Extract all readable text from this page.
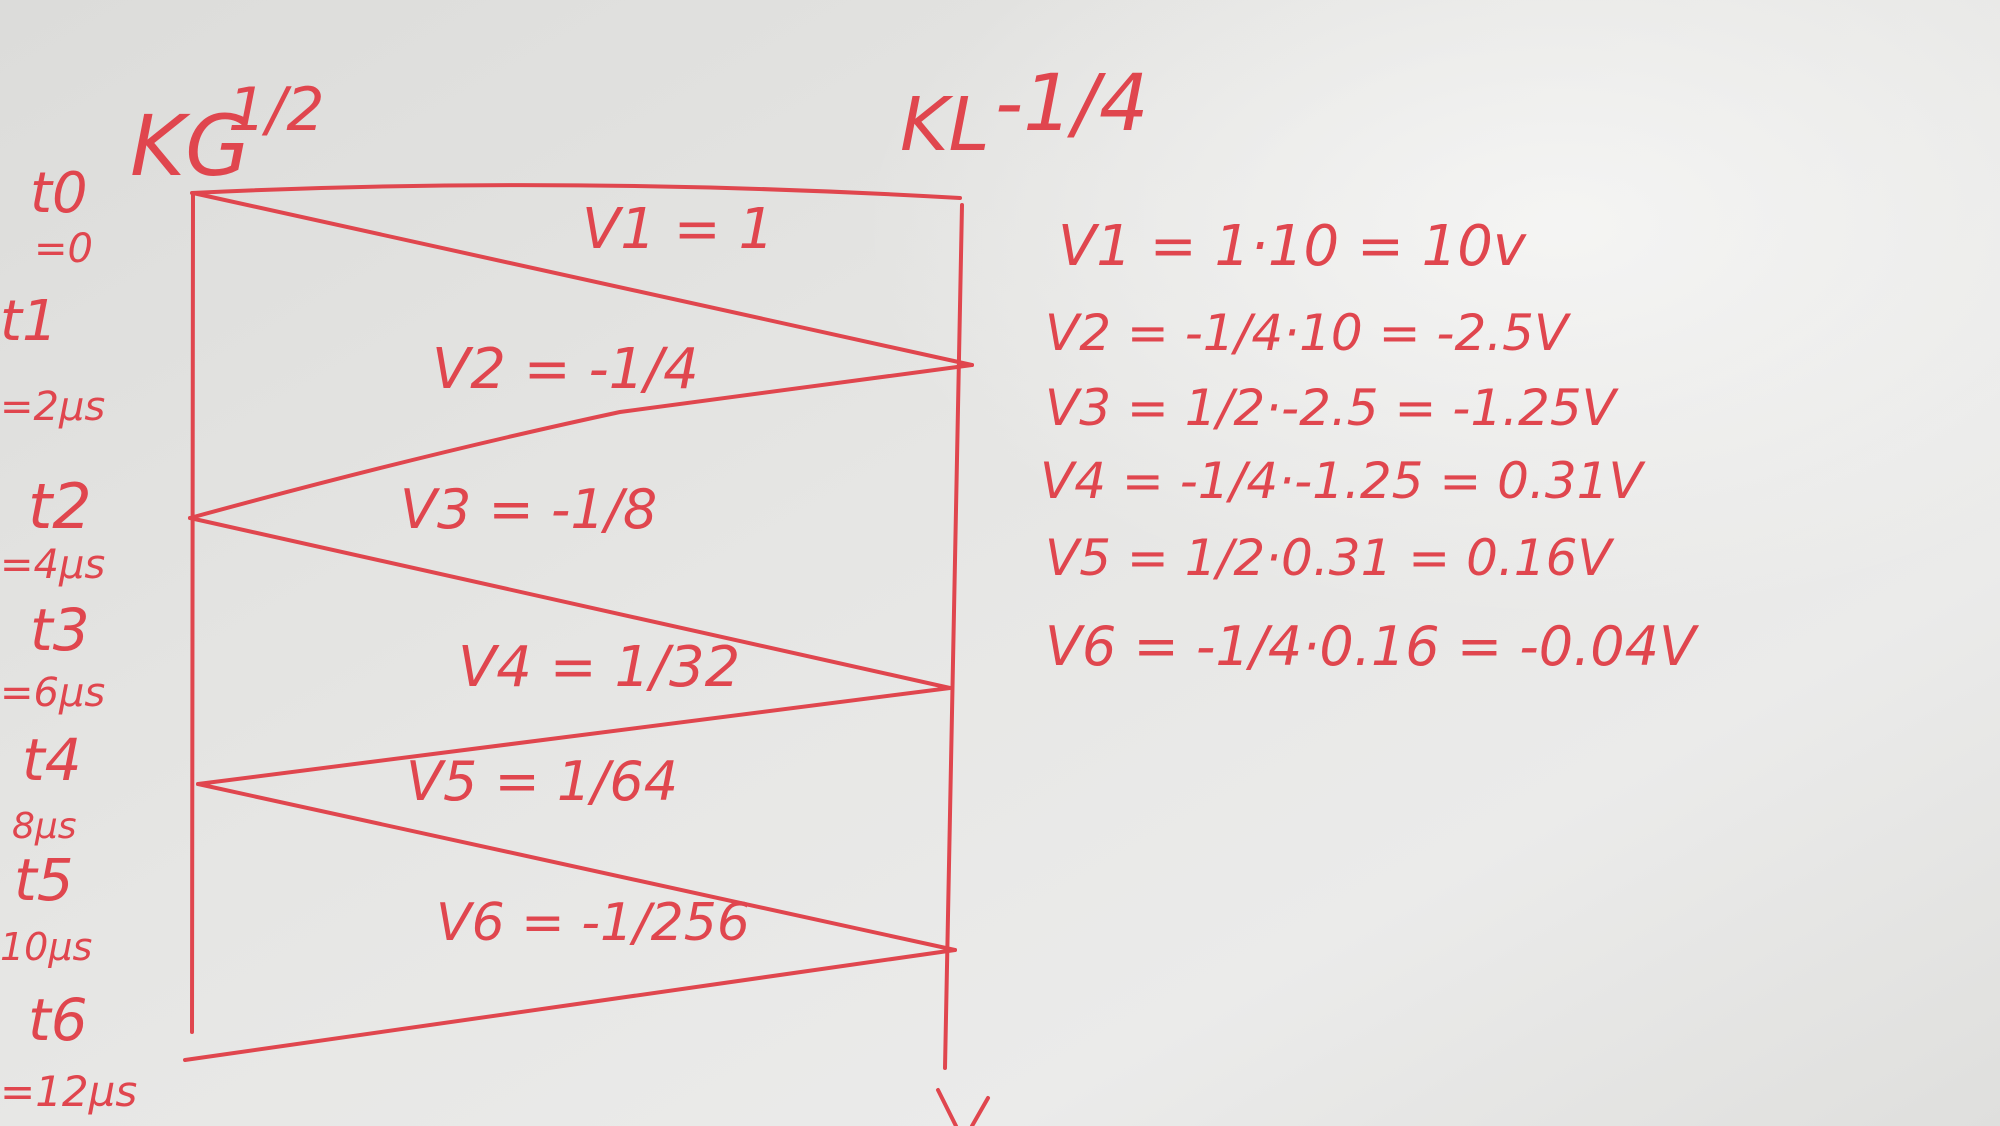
KG
1/2	KL -1/4
t0
=0
t1
=2µs
t2
=4µs
t3
=6µs
t4
8µs
t5
10µs
t6
=12µs
V1 = 1
V2 = -1/4
V3 = -1/8
V4 = 1/32
V5 = 1/64
V6 = -1/256
V1 = 1·10 = 10v
V2 = -1/4·10 = -2.5V
V3 = 1/2·-2.5 = -1.25V
V4 = -1/4·-1.25 = 0.31V
V5 = 1/2·0.31 = 0.16V
V6 = -1/4·0.16 = -0.04V
